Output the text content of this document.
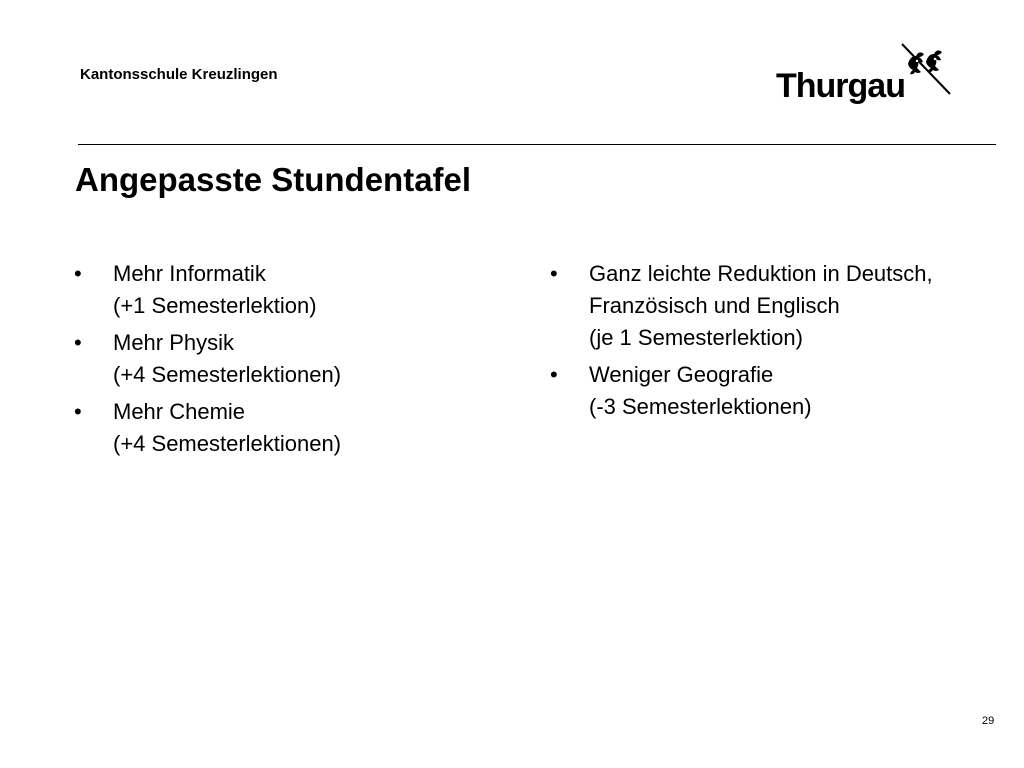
Kantonsschule Kreuzlingen	Thurgau
Angepasste Stundentafel
• Mehr Informatik
(+1 Semesterlektion)
• Mehr Physik
(+4 Semesterlektionen)
• Mehr Chemie
(+4 Semesterlektionen)
• Ganz leichte Reduktion in Deutsch,
Französisch und Englisch
(je 1 Semesterlektion)
• Weniger Geografie
(-3 Semesterlektionen)
29
